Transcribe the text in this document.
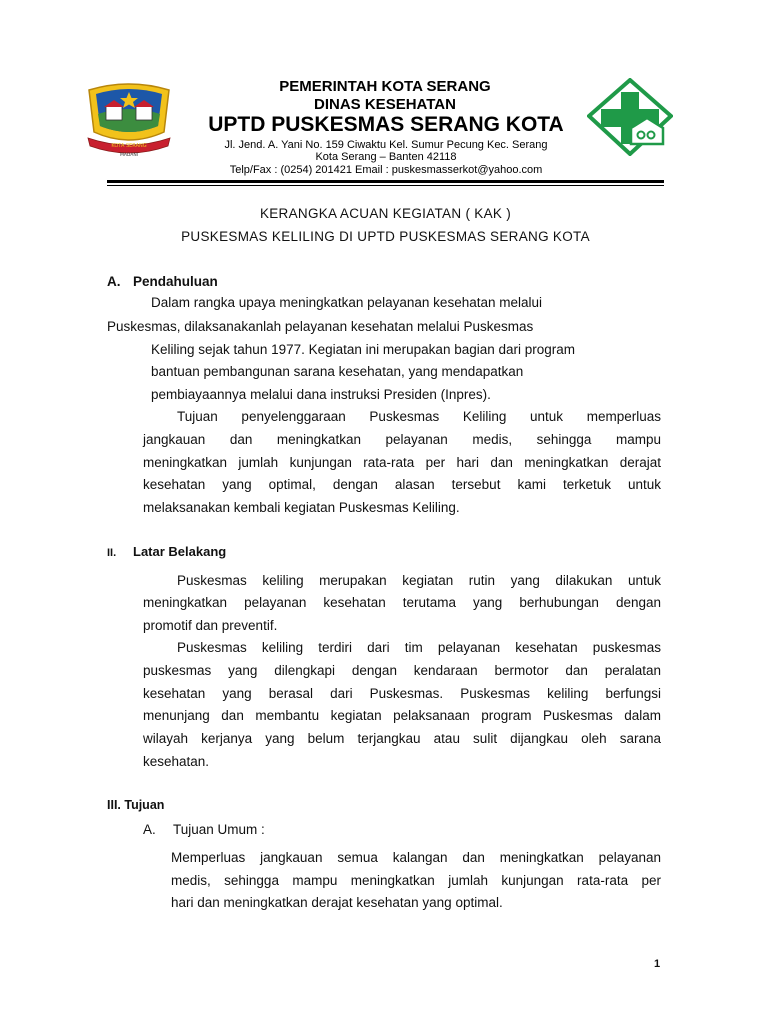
KOTA SERANG
MADANI
PEMERINTAH KOTA SERANG
DINAS KESEHATAN
UPTD PUSKESMAS SERANG KOTA
Jl. Jend. A. Yani No. 159 Ciwaktu Kel. Sumur Pecung Kec. Serang
Kota Serang – Banten 42118
Telp/Fax : (0254) 201421 Email : puskesmasserkot@yahoo.com
KERANGKA ACUAN KEGIATAN ( KAK )
PUSKESMAS KELILING DI UPTD PUSKESMAS SERANG KOTA
A. Pendahuluan
Dalam rangka upaya meningkatkan pelayanan kesehatan melalui
Puskesmas, dilaksanakanlah pelayanan kesehatan melalui Puskesmas
Keliling sejak tahun 1977. Kegiatan ini merupakan bagian dari program
bantuan pembangunan sarana kesehatan, yang mendapatkan
pembiayaannya melalui dana instruksi Presiden (Inpres).
Tujuan penyelenggaraan Puskesmas Keliling untuk memperluas
jangkauan dan meningkatkan pelayanan medis, sehingga mampu
meningkatkan jumlah kunjungan rata-rata per hari dan meningkatkan derajat
kesehatan yang optimal, dengan alasan tersebut kami terketuk untuk
melaksanakan kembali kegiatan Puskesmas Keliling.
II. Latar Belakang
Puskesmas keliling merupakan kegiatan rutin yang dilakukan untuk
meningkatkan pelayanan kesehatan terutama yang berhubungan dengan
promotif dan preventif.
Puskesmas keliling terdiri dari tim pelayanan kesehatan puskesmas
puskesmas yang dilengkapi dengan kendaraan bermotor dan peralatan
kesehatan yang berasal dari Puskesmas. Puskesmas keliling berfungsi
menunjang dan membantu kegiatan pelaksanaan program Puskesmas dalam
wilayah kerjanya yang belum terjangkau atau sulit dijangkau oleh sarana
kesehatan.
III. Tujuan
A. Tujuan Umum :
Memperluas jangkauan semua kalangan dan meningkatkan pelayanan
medis, sehingga mampu meningkatkan jumlah kunjungan rata-rata per
hari dan meningkatkan derajat kesehatan yang optimal.
1
